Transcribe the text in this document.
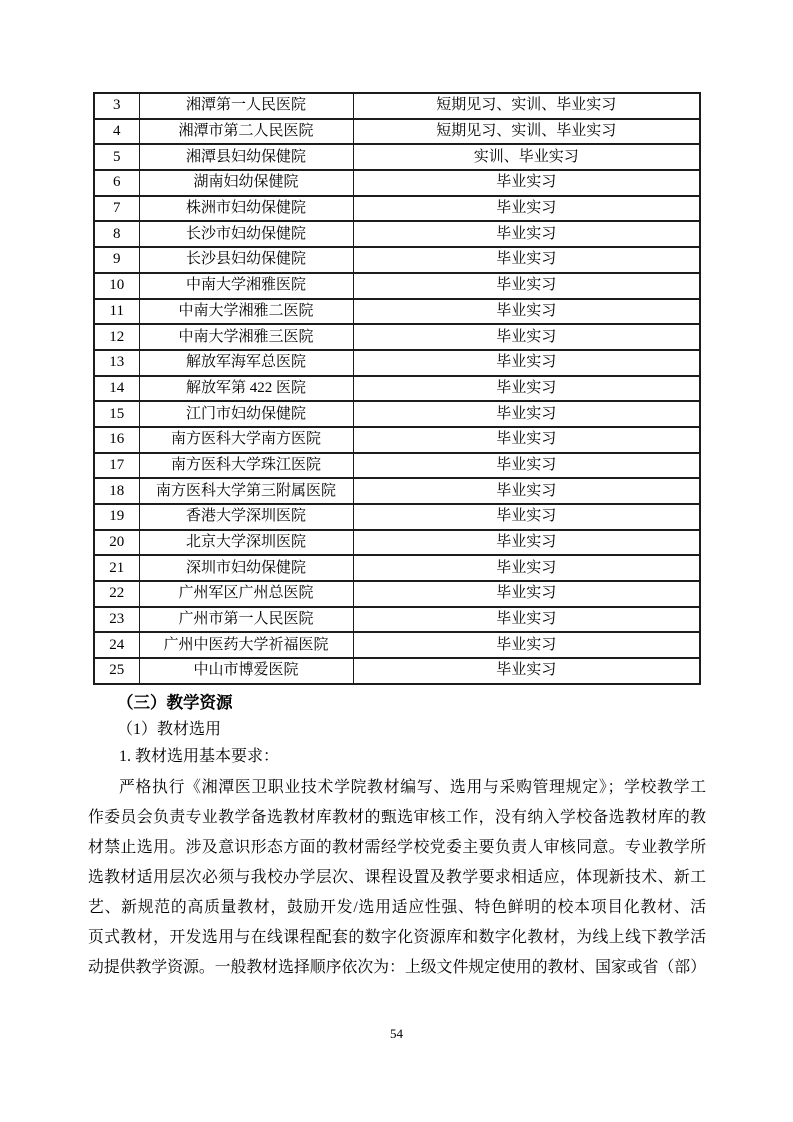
3	湘潭第一人民医院	短期见习、实训、毕业实习
4	湘潭市第二人民医院	短期见习、实训、毕业实习
5	湘潭县妇幼保健院	实训、毕业实习
6	湖南妇幼保健院	毕业实习
7	株洲市妇幼保健院	毕业实习
8	长沙市妇幼保健院	毕业实习
9	长沙县妇幼保健院	毕业实习
10	中南大学湘雅医院	毕业实习
11	中南大学湘雅二医院	毕业实习
12	中南大学湘雅三医院	毕业实习
13	解放军海军总医院	毕业实习
14	解放军第 422 医院	毕业实习
15	江门市妇幼保健院	毕业实习
16	南方医科大学南方医院	毕业实习
17	南方医科大学珠江医院	毕业实习
18	南方医科大学第三附属医院	毕业实习
19	香港大学深圳医院	毕业实习
20	北京大学深圳医院	毕业实习
21	深圳市妇幼保健院	毕业实习
22	广州军区广州总医院	毕业实习
23	广州市第一人民医院	毕业实习
24	广州中医药大学祈福医院	毕业实习
25	中山市博爱医院	毕业实习
（三）教学资源
（1）教材选用
1. 教材选用基本要求：
严格执行《湘潭医卫职业技术学院教材编写、选用与采购管理规定》；学校教学工
作委员会负责专业教学备选教材库教材的甄选审核工作，没有纳入学校备选教材库的教
材禁止选用。涉及意识形态方面的教材需经学校党委主要负责人审核同意。专业教学所
选教材适用层次必须与我校办学层次、课程设置及教学要求相适应，体现新技术、新工
艺、新规范的高质量教材，鼓励开发/选用适应性强、特色鲜明的校本项目化教材、活
页式教材，开发选用与在线课程配套的数字化资源库和数字化教材，为线上线下教学活
动提供教学资源。一般教材选择顺序依次为：上级文件规定使用的教材、国家或省（部）
54
